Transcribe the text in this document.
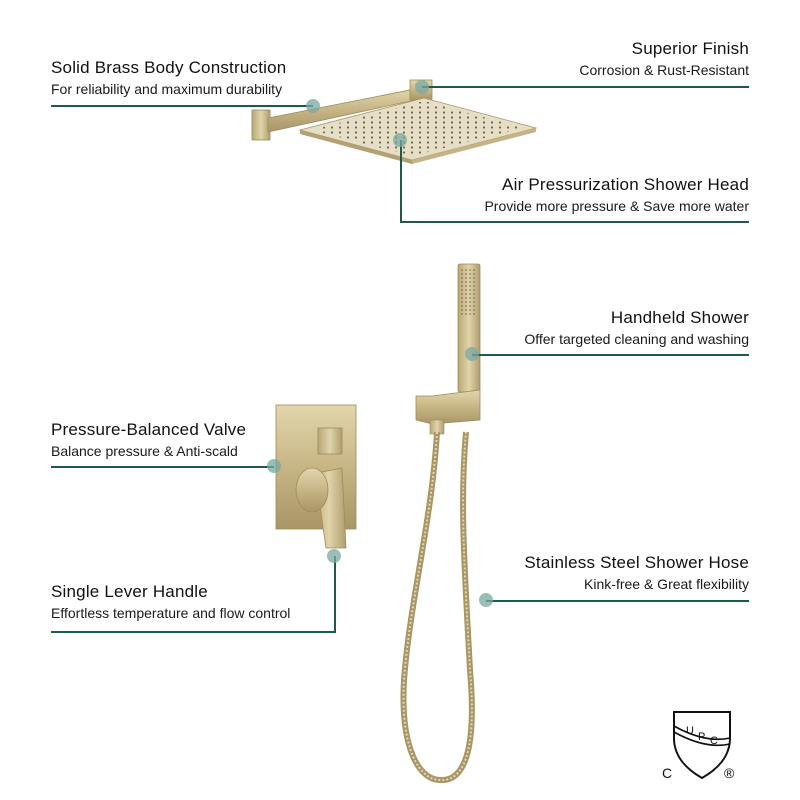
Solid Brass Body Construction
For reliability and maximum durability
Superior Finish
Corrosion & Rust-Resistant
Air Pressurization Shower Head
Provide more pressure & Save more water
Handheld Shower
Offer targeted cleaning and washing
Pressure-Balanced Valve
Balance pressure & Anti-scald
Stainless Steel Shower Hose
Kink-free & Great flexibility
Single Lever Handle
Effortless temperature and flow control
U P C
C	®
